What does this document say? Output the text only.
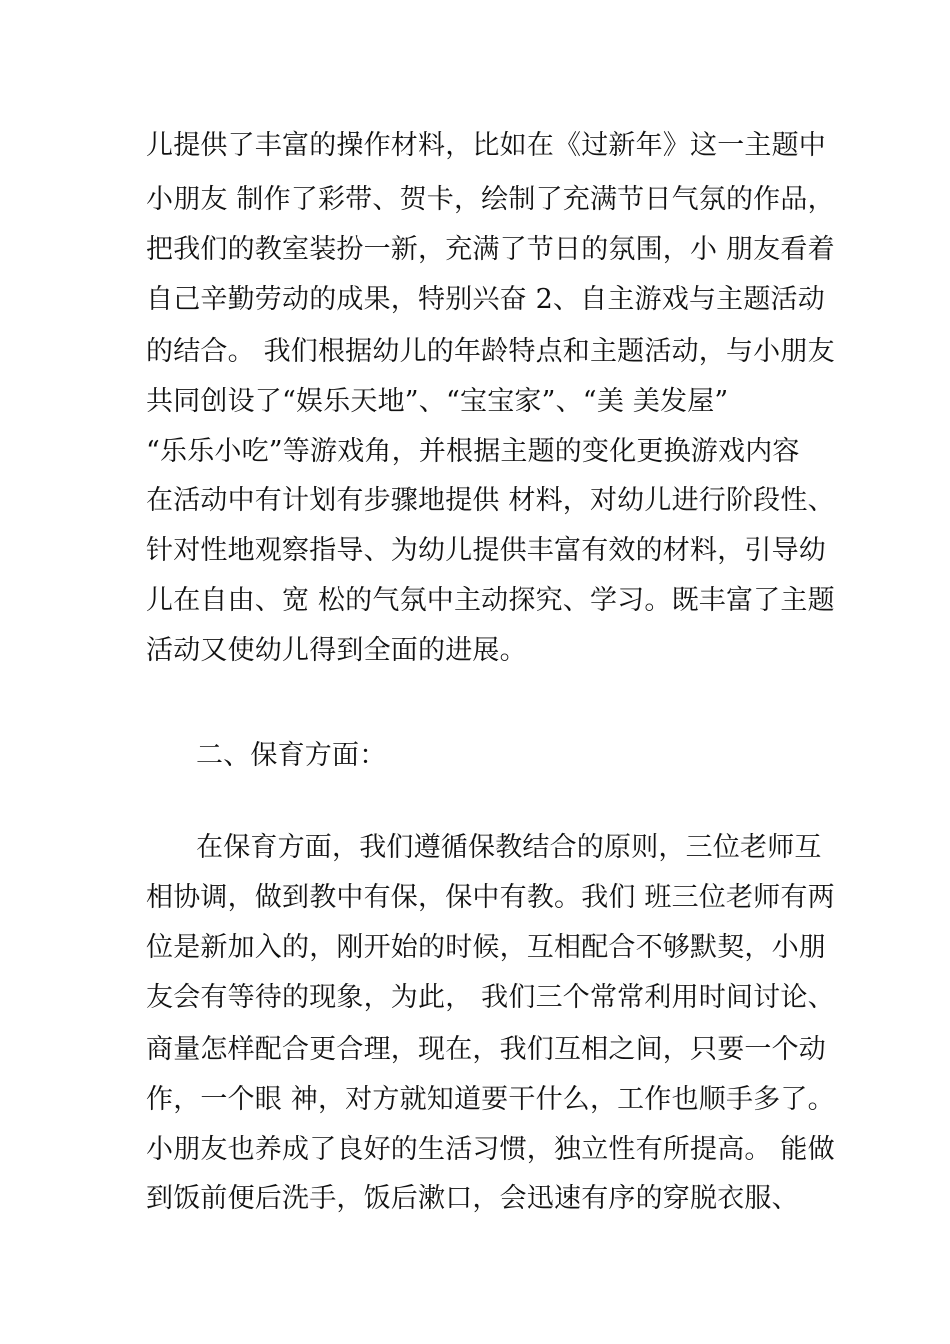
儿提供了丰富的操作材料，比如在《过新年》这一主题中
小朋友 制作了彩带、贺卡，绘制了充满节日气氛的作品，
把我们的教室装扮一新，充满了节日的氛围，小 朋友看着
自己辛勤劳动的成果，特别兴奋 2、自主游戏与主题活动
的结合。 我们根据幼儿的年龄特点和主题活动，与小朋友
共同创设了“娱乐天地”、“宝宝家”、“美 美发屋”
“乐乐小吃”等游戏角，并根据主题的变化更换游戏内容
在活动中有计划有步骤地提供 材料，对幼儿进行阶段性、
针对性地观察指导、为幼儿提供丰富有效的材料，引导幼
儿在自由、宽 松的气氛中主动探究、学习。既丰富了主题
活动又使幼儿得到全面的进展。
二、保育方面：
在保育方面，我们遵循保教结合的原则，三位老师互
相协调，做到教中有保，保中有教。我们 班三位老师有两
位是新加入的，刚开始的时候，互相配合不够默契，小朋
友会有等待的现象，为此， 我们三个常常利用时间讨论、
商量怎样配合更合理，现在，我们互相之间，只要一个动
作，一个眼 神，对方就知道要干什么，工作也顺手多了。
小朋友也养成了良好的生活习惯，独立性有所提高。 能做
到饭前便后洗手，饭后漱口，会迅速有序的穿脱衣服、
